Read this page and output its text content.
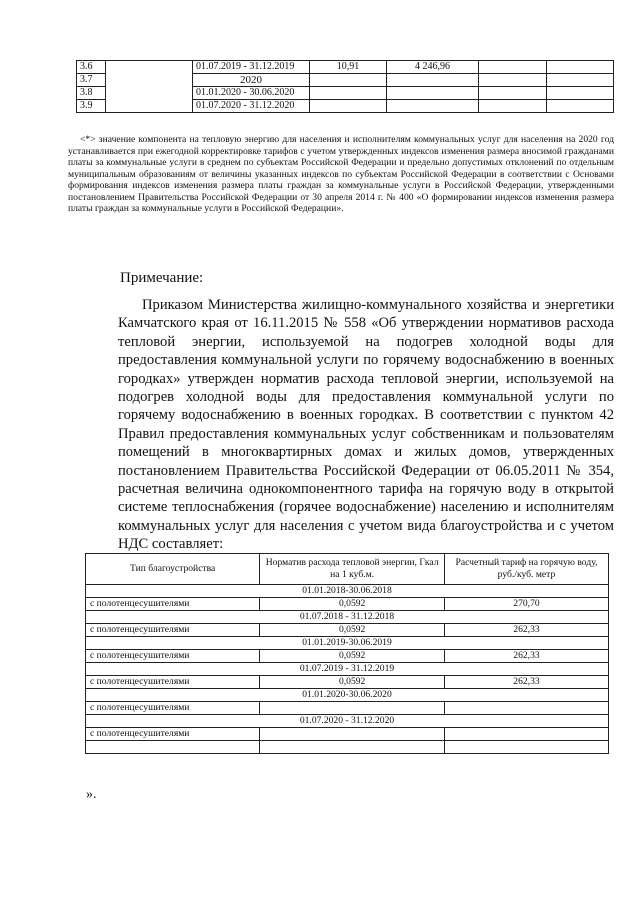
3.6		01.07.2019 - 31.12.2019	10,91	4 246,96		
3.7		2020				
3.8		01.01.2020 - 30.06.2020				
3.9		01.07.2020 - 31.12.2020				

<*> значение компонента на тепловую энергию для населения и исполнителям коммунальных услуг для населения на 2020 год устанавливается при ежегодной корректировке тарифов с учетом утвержденных индексов изменения размера вносимой гражданами платы за коммунальные услуги в среднем по субъектам Российской Федерации и предельно допустимых отклонений по отдельным муниципальным образованиям от величины указанных индексов по субъектам Российской Федерации в соответствии с Основами формирования индексов изменения размера платы граждан за коммунальные услуги в Российской Федерации, утвержденными постановлением Правительства Российской Федерации от 30 апреля 2014 г. № 400 «О формировании индексов изменения размера платы граждан за коммунальные услуги в Российской Федерации».

Примечание:

Приказом Министерства жилищно-коммунального хозяйства и энергетики Камчатского края от 16.11.2015 № 558 «Об утверждении нормативов расхода тепловой энергии, используемой на подогрев холодной воды для предоставления коммунальной услуги по горячему водоснабжению в военных городках» утвержден норматив расхода тепловой энергии, используемой на подогрев холодной воды для предоставления коммунальной услуги по горячему водоснабжению в военных городках. В соответствии с пунктом 42 Правил предоставления коммунальных услуг собственникам и пользователям помещений в многоквартирных домах и жилых домов, утвержденных постановлением Правительства Российской Федерации от 06.05.2011 № 354, расчетная величина однокомпонентного тарифа на горячую воду в открытой системе теплоснабжения (горячее водоснабжение) населению и исполнителям коммунальных услуг для населения с учетом вида благоустройства и с учетом НДС составляет:

Тип благоустройства	Норматив расхода тепловой энергии, Гкал на 1 куб.м.	Расчетный тариф на горячую воду, руб./куб. метр
01.01.2018-30.06.2018		
с полотенцесушителями	0,0592	270,70
01.07.2018 - 31.12.2018		
с полотенцесушителями	0,0592	262,33
01.01.2019-30.06.2019		
с полотенцесушителями	0,0592	262,33
01.07.2019 - 31.12.2019		
с полотенцесушителями	0,0592	262,33
01.01.2020-30.06.2020		
с полотенцесушителями		
01.07.2020 - 31.12.2020		
с полотенцесушителями		

».
